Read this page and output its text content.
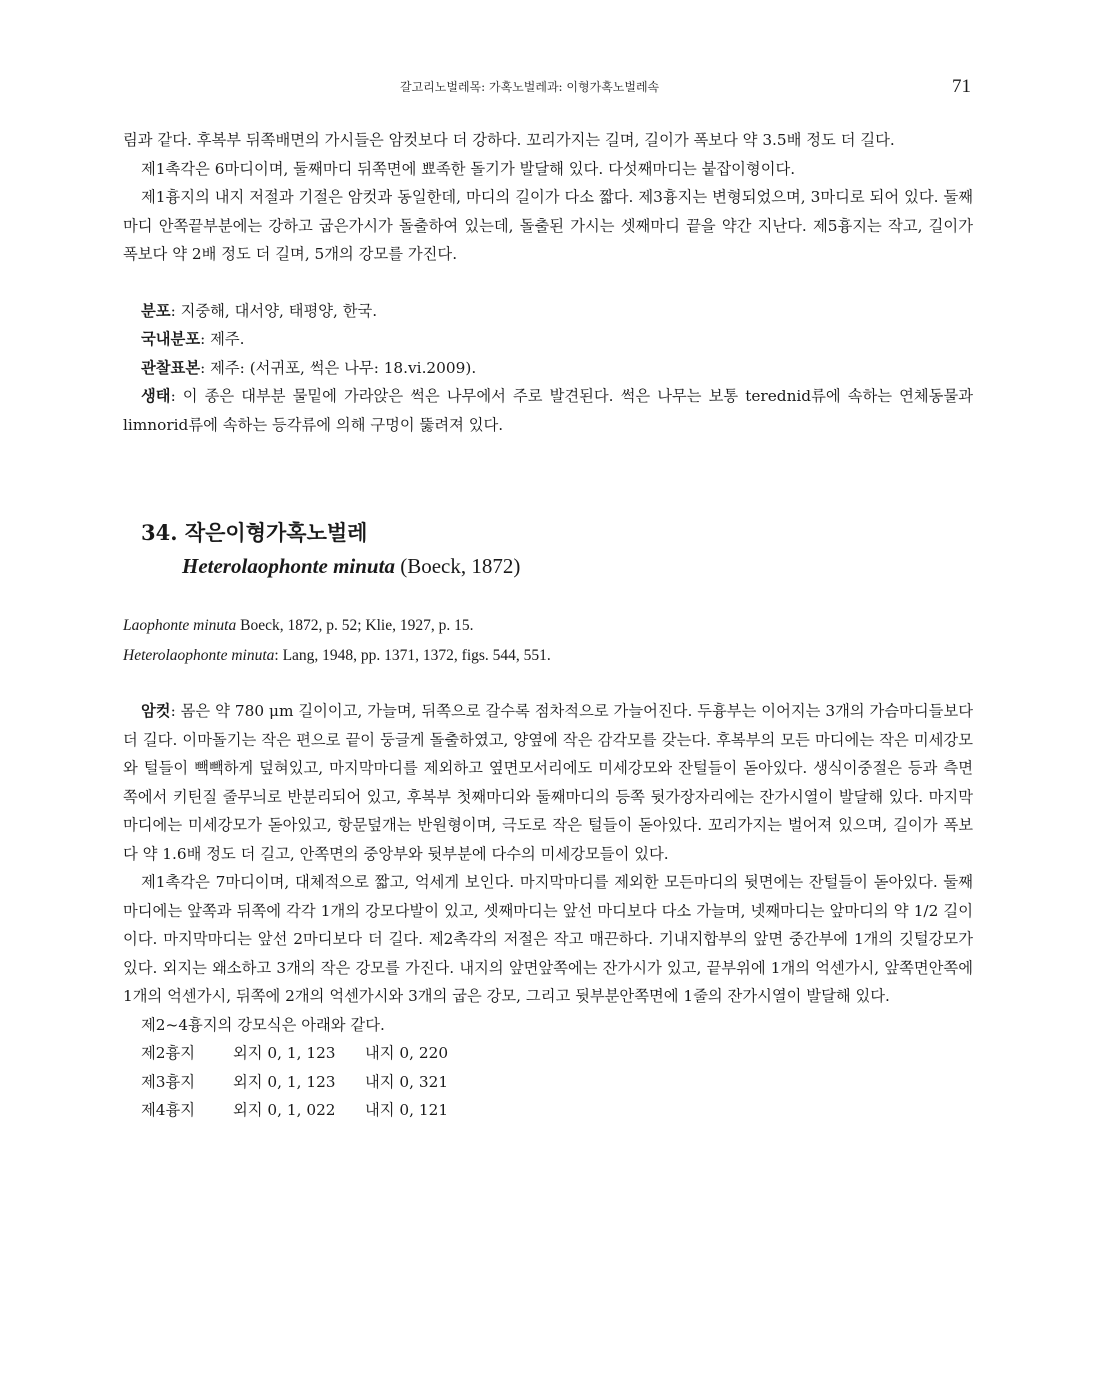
갈고리노벌레목: 가혹노벌레과: 이형가혹노벌레속	71

림과 같다. 후복부 뒤쪽배면의 가시들은 암컷보다 더 강하다. 꼬리가지는 길며, 길이가 폭보다 약 3.5배 정도 더 길다.

제1촉각은 6마디이며, 둘째마디 뒤쪽면에 뾰족한 돌기가 발달해 있다. 다섯째마디는 붙잡이형이다.

제1흉지의 내지 저절과 기절은 암컷과 동일한데, 마디의 길이가 다소 짧다. 제3흉지는 변형되었으며, 3마디로 되어 있다. 둘째마디 안쪽끝부분에는 강하고 굽은가시가 돌출하여 있는데, 돌출된 가시는 셋째마디 끝을 약간 지난다. 제5흉지는 작고, 길이가 폭보다 약 2배 정도 더 길며, 5개의 강모를 가진다.

분포: 지중해, 대서양, 태평양, 한국.

국내분포: 제주.

관찰표본: 제주: (서귀포, 썩은 나무: 18.vi.2009).

생태: 이 종은 대부분 물밑에 가라앉은 썩은 나무에서 주로 발견된다. 썩은 나무는 보통 terednid류에 속하는 연체동물과 limnorid류에 속하는 등각류에 의해 구멍이 뚫려져 있다.

34. 작은이형가혹노벌레
Heterolaophonte minuta (Boeck, 1872)

Laophonte minuta Boeck, 1872, p. 52; Klie, 1927, p. 15.

Heterolaophonte minuta: Lang, 1948, pp. 1371, 1372, figs. 544, 551.

암컷: 몸은 약 780 μm 길이이고, 가늘며, 뒤쪽으로 갈수록 점차적으로 가늘어진다. 두흉부는 이어지는 3개의 가슴마디들보다 더 길다. 이마돌기는 작은 편으로 끝이 둥글게 돌출하였고, 양옆에 작은 감각모를 갖는다. 후복부의 모든 마디에는 작은 미세강모와 털들이 빽빽하게 덮혀있고, 마지막마디를 제외하고 옆면모서리에도 미세강모와 잔털들이 돋아있다. 생식이중절은 등과 측면쪽에서 키틴질 줄무늬로 반분리되어 있고, 후복부 첫째마디와 둘째마디의 등쪽 뒷가장자리에는 잔가시열이 발달해 있다. 마지막마디에는 미세강모가 돋아있고, 항문덮개는 반원형이며, 극도로 작은 털들이 돋아있다. 꼬리가지는 벌어져 있으며, 길이가 폭보다 약 1.6배 정도 더 길고, 안쪽면의 중앙부와 뒷부분에 다수의 미세강모들이 있다.

제1촉각은 7마디이며, 대체적으로 짧고, 억세게 보인다. 마지막마디를 제외한 모든마디의 뒷면에는 잔털들이 돋아있다. 둘째마디에는 앞쪽과 뒤쪽에 각각 1개의 강모다발이 있고, 셋째마디는 앞선 마디보다 다소 가늘며, 넷째마디는 앞마디의 약 1/2 길이이다. 마지막마디는 앞선 2마디보다 더 길다. 제2촉각의 저절은 작고 매끈하다. 기내지합부의 앞면 중간부에 1개의 깃털강모가 있다. 외지는 왜소하고 3개의 작은 강모를 가진다. 내지의 앞면앞쪽에는 잔가시가 있고, 끝부위에 1개의 억센가시, 앞쪽면안쪽에 1개의 억센가시, 뒤쪽에 2개의 억센가시와 3개의 굽은 강모, 그리고 뒷부분안쪽면에 1줄의 잔가시열이 발달해 있다.

제2~4흉지의 강모식은 아래와 같다.

제2흉지 외지 0, 1, 123 내지 0, 220
제3흉지 외지 0, 1, 123 내지 0, 321
제4흉지 외지 0, 1, 022 내지 0, 121
